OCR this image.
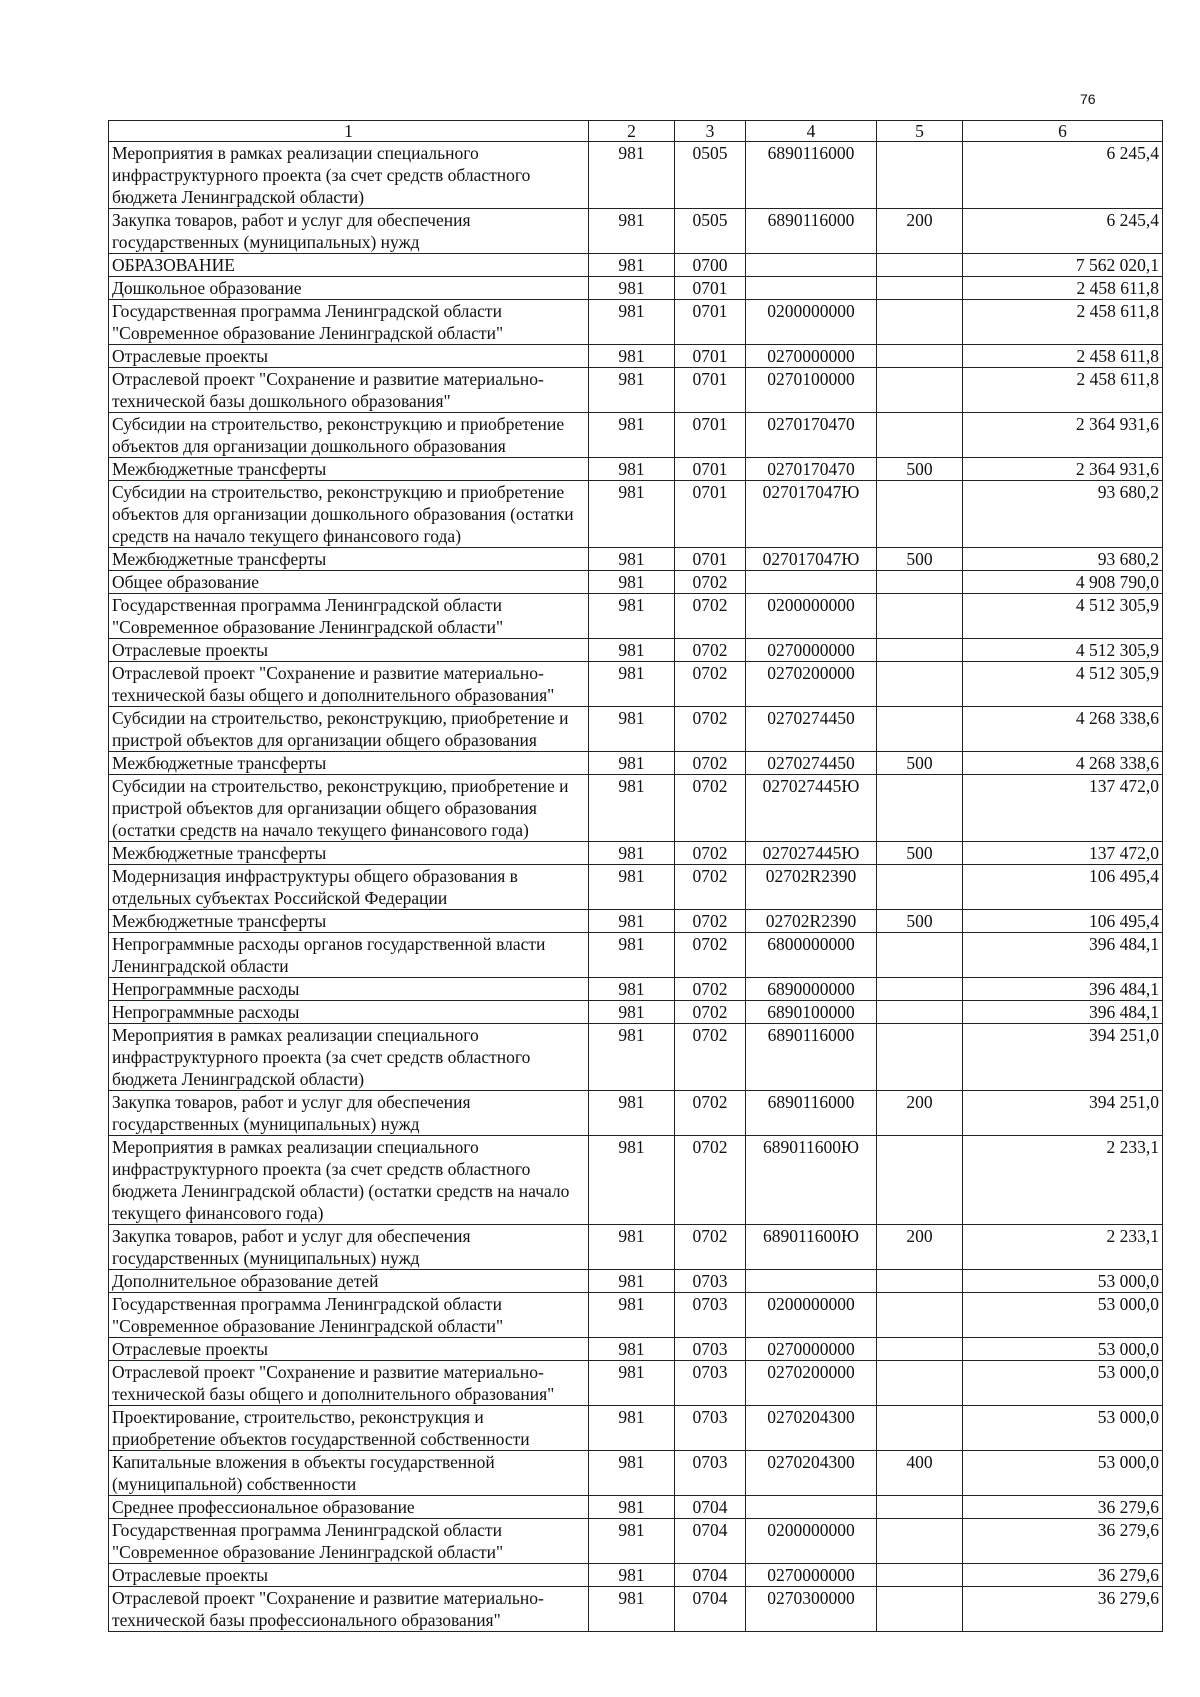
76
1	2	3	4	5	6
Мероприятия в рамках реализации специального
инфраструктурного проекта (за счет средств областного
бюджета Ленинградской области)	981	0505	6890116000		6 245,4
Закупка товаров, работ и услуг для обеспечения
государственных (муниципальных) нужд	981	0505	6890116000	200	6 245,4
ОБРАЗОВАНИЕ	981	0700			7 562 020,1
Дошкольное образование	981	0701			2 458 611,8
Государственная программа Ленинградской области
"Современное образование Ленинградской области"	981	0701	0200000000		2 458 611,8
Отраслевые проекты	981	0701	0270000000		2 458 611,8
Отраслевой проект "Сохранение и развитие материально-
технической базы дошкольного образования"	981	0701	0270100000		2 458 611,8
Субсидии на строительство, реконструкцию и приобретение
объектов для организации дошкольного образования	981	0701	0270170470		2 364 931,6
Межбюджетные трансферты	981	0701	0270170470	500	2 364 931,6
Субсидии на строительство, реконструкцию и приобретение
объектов для организации дошкольного образования (остатки
средств на начало текущего финансового года)	981	0701	027017047Ю		93 680,2
Межбюджетные трансферты	981	0701	027017047Ю	500	93 680,2
Общее образование	981	0702			4 908 790,0
Государственная программа Ленинградской области
"Современное образование Ленинградской области"	981	0702	0200000000		4 512 305,9
Отраслевые проекты	981	0702	0270000000		4 512 305,9
Отраслевой проект "Сохранение и развитие материально-
технической базы общего и дополнительного образования"	981	0702	0270200000		4 512 305,9
Субсидии на строительство, реконструкцию, приобретение и
пристрой объектов для организации общего образования	981	0702	0270274450		4 268 338,6
Межбюджетные трансферты	981	0702	0270274450	500	4 268 338,6
Субсидии на строительство, реконструкцию, приобретение и
пристрой объектов для организации общего образования
(остатки средств на начало текущего финансового года)	981	0702	027027445Ю		137 472,0
Межбюджетные трансферты	981	0702	027027445Ю	500	137 472,0
Модернизация инфраструктуры общего образования в
отдельных субъектах Российской Федерации	981	0702	02702R2390		106 495,4
Межбюджетные трансферты	981	0702	02702R2390	500	106 495,4
Непрограммные расходы органов государственной власти
Ленинградской области	981	0702	6800000000		396 484,1
Непрограммные расходы	981	0702	6890000000		396 484,1
Непрограммные расходы	981	0702	6890100000		396 484,1
Мероприятия в рамках реализации специального
инфраструктурного проекта (за счет средств областного
бюджета Ленинградской области)	981	0702	6890116000		394 251,0
Закупка товаров, работ и услуг для обеспечения
государственных (муниципальных) нужд	981	0702	6890116000	200	394 251,0
Мероприятия в рамках реализации специального
инфраструктурного проекта (за счет средств областного
бюджета Ленинградской области) (остатки средств на начало
текущего финансового года)	981	0702	689011600Ю		2 233,1
Закупка товаров, работ и услуг для обеспечения
государственных (муниципальных) нужд	981	0702	689011600Ю	200	2 233,1
Дополнительное образование детей	981	0703			53 000,0
Государственная программа Ленинградской области
"Современное образование Ленинградской области"	981	0703	0200000000		53 000,0
Отраслевые проекты	981	0703	0270000000		53 000,0
Отраслевой проект "Сохранение и развитие материально-
технической базы общего и дополнительного образования"	981	0703	0270200000		53 000,0
Проектирование, строительство, реконструкция и
приобретение объектов государственной собственности	981	0703	0270204300		53 000,0
Капитальные вложения в объекты государственной
(муниципальной) собственности	981	0703	0270204300	400	53 000,0
Среднее профессиональное образование	981	0704			36 279,6
Государственная программа Ленинградской области
"Современное образование Ленинградской области"	981	0704	0200000000		36 279,6
Отраслевые проекты	981	0704	0270000000		36 279,6
Отраслевой проект "Сохранение и развитие материально-
технической базы профессионального образования"	981	0704	0270300000		36 279,6
